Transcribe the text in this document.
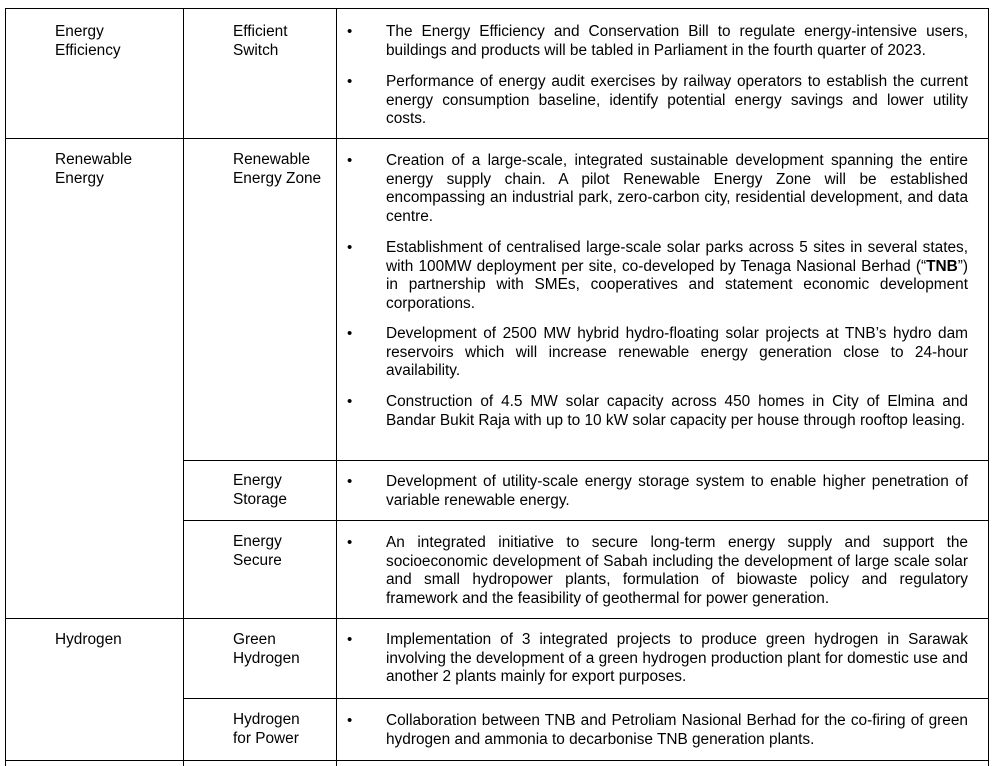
Energy Efficiency
Efficient Switch
• The Energy Efficiency and Conservation Bill to regulate energy-intensive users, buildings and products will be tabled in Parliament in the fourth quarter of 2023.
• Performance of energy audit exercises by railway operators to establish the current energy consumption baseline, identify potential energy savings and lower utility costs.
Renewable Energy
Renewable Energy Zone
• Creation of a large-scale, integrated sustainable development spanning the entire energy supply chain. A pilot Renewable Energy Zone will be established encompassing an industrial park, zero-carbon city, residential development, and data centre.
• Establishment of centralised large-scale solar parks across 5 sites in several states, with 100MW deployment per site, co-developed by Tenaga Nasional Berhad (“TNB”) in partnership with SMEs, cooperatives and statement economic development corporations.
• Development of 2500 MW hybrid hydro-floating solar projects at TNB’s hydro dam reservoirs which will increase renewable energy generation close to 24-hour availability.
• Construction of 4.5 MW solar capacity across 450 homes in City of Elmina and Bandar Bukit Raja with up to 10 kW solar capacity per house through rooftop leasing.
Energy Storage
• Development of utility-scale energy storage system to enable higher penetration of variable renewable energy.
Energy Secure
• An integrated initiative to secure long-term energy supply and support the socioeconomic development of Sabah including the development of large scale solar and small hydropower plants, formulation of biowaste policy and regulatory framework and the feasibility of geothermal for power generation.
Hydrogen	Green Hydrogen
• Implementation of 3 integrated projects to produce green hydrogen in Sarawak involving the development of a green hydrogen production plant for domestic use and another 2 plants mainly for export purposes.
Hydrogen for Power
• Collaboration between TNB and Petroliam Nasional Berhad for the co-firing of green hydrogen and ammonia to decarbonise TNB generation plants.
